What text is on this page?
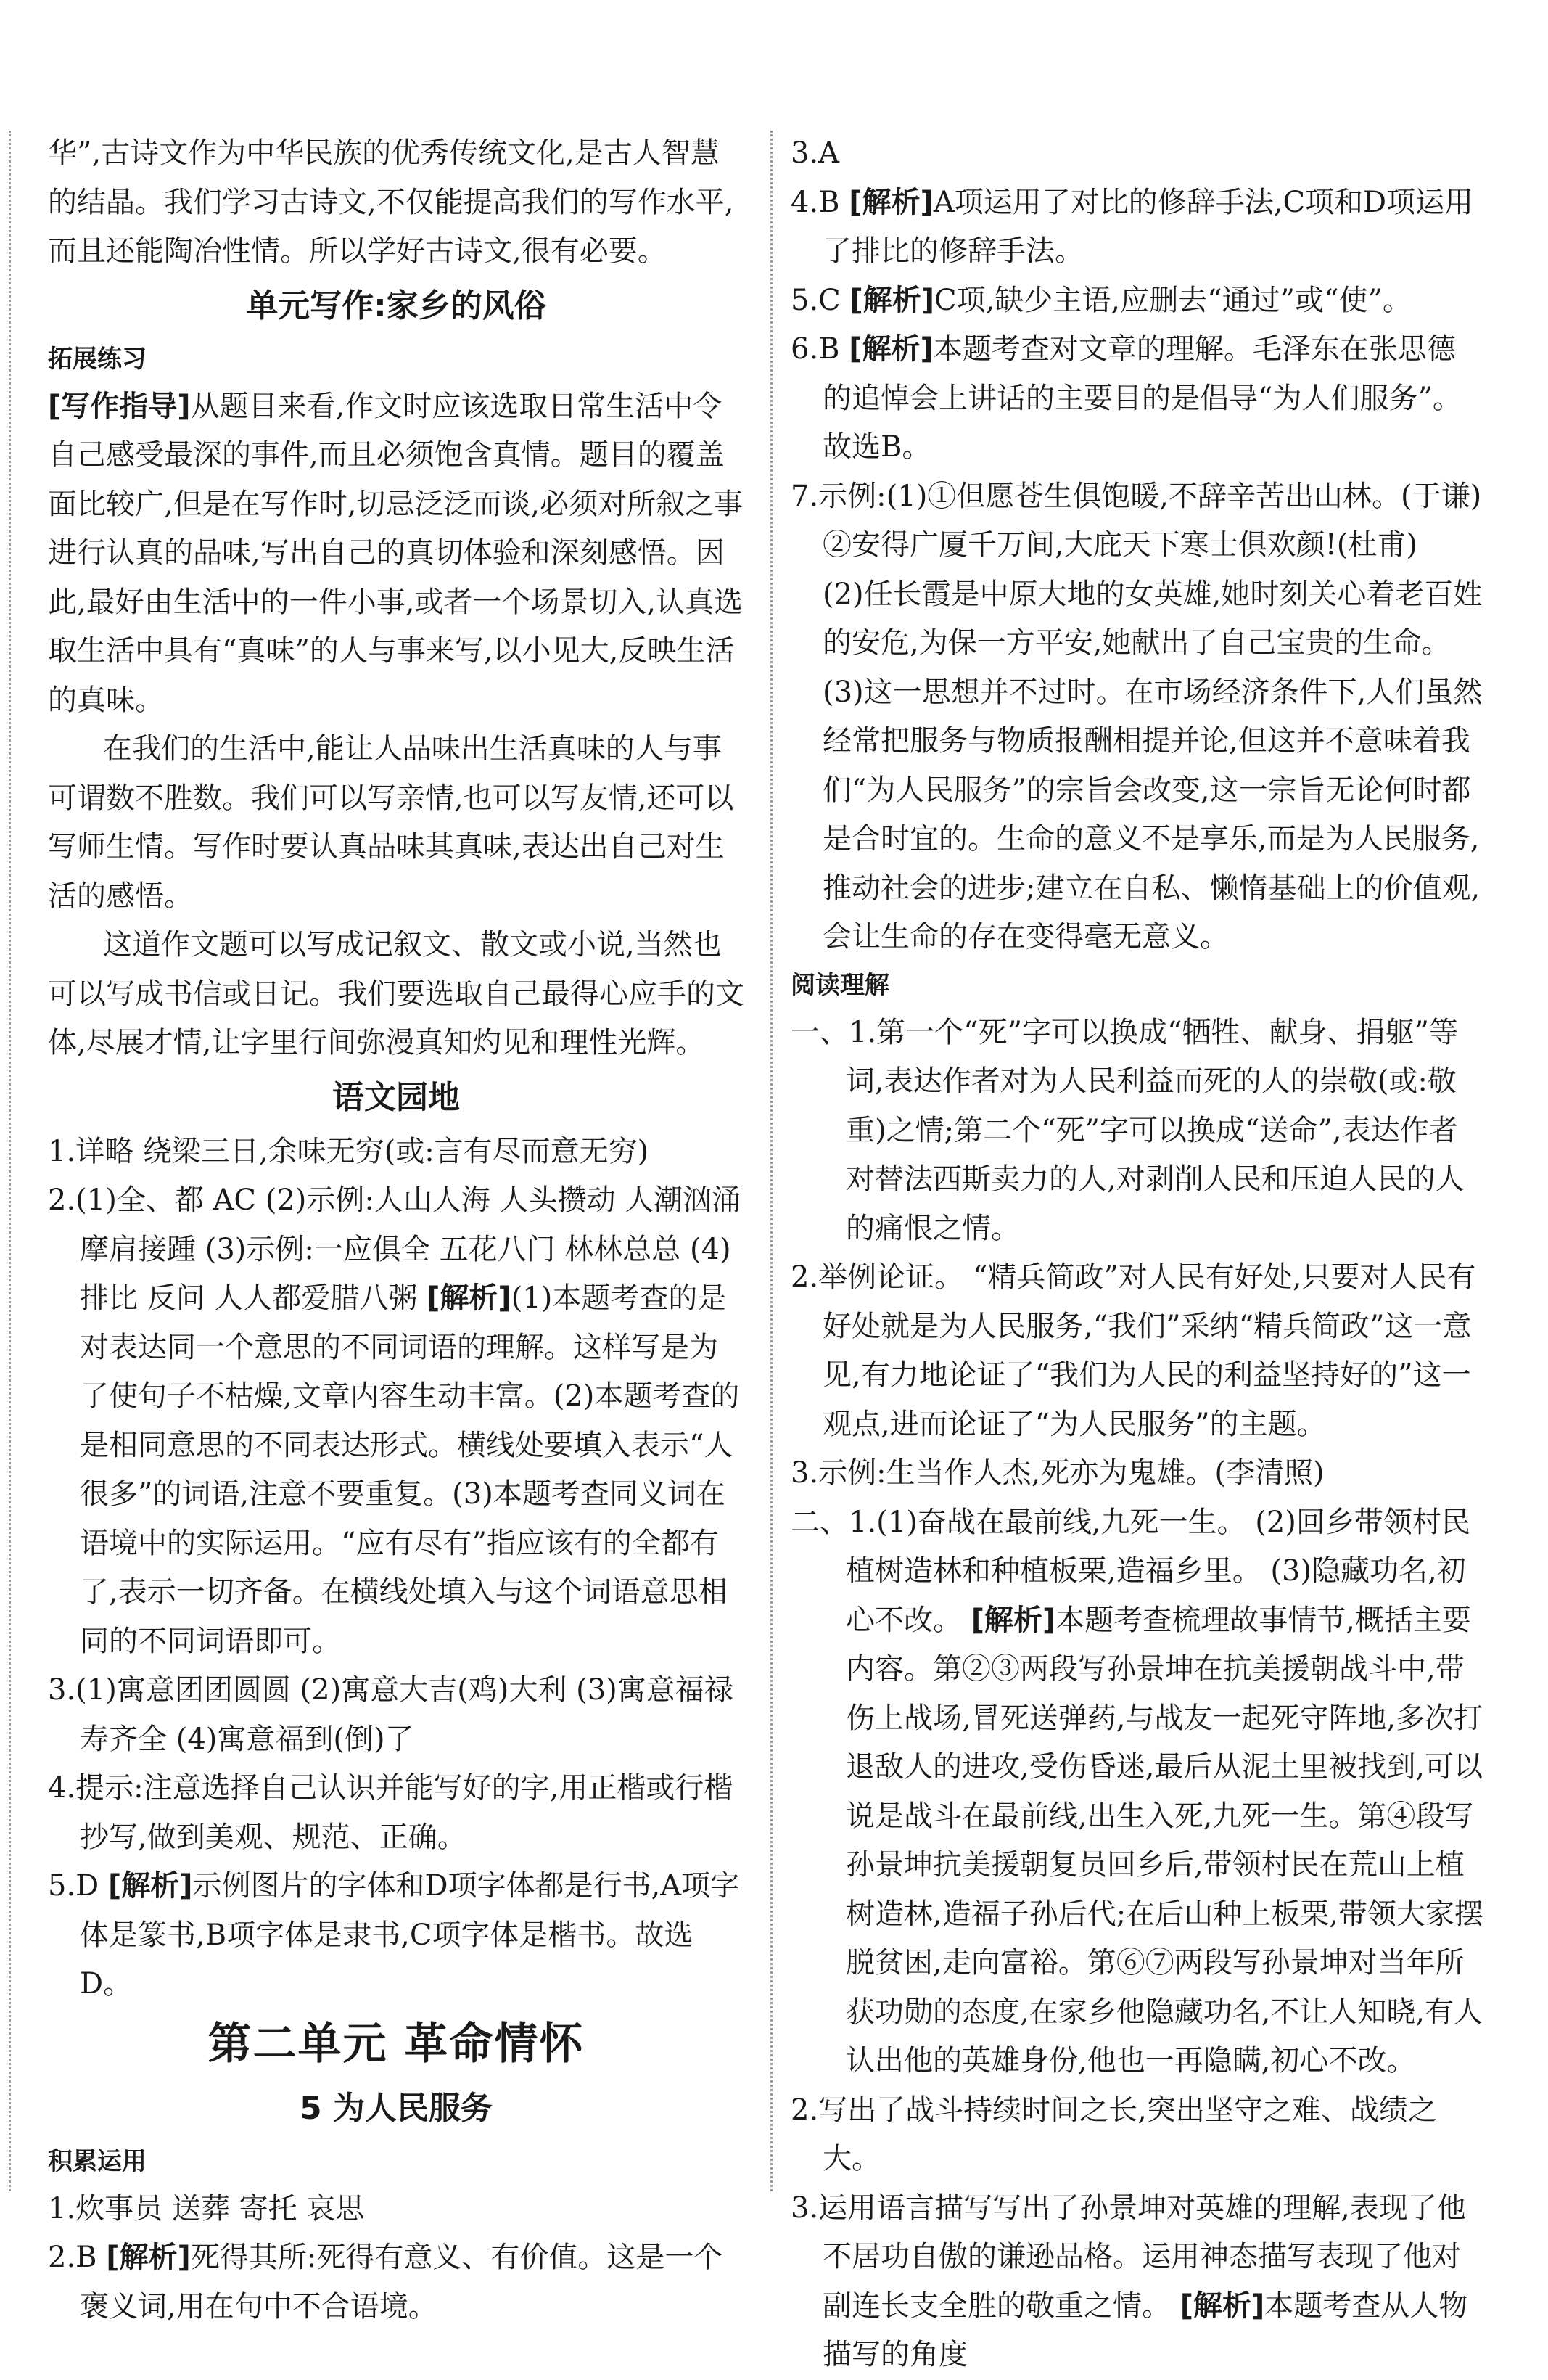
华”,古诗文作为中华民族的优秀传统文化,是古人智慧的结晶。我们学习古诗文,不仅能提高我们的写作水平,而且还能陶冶性情。所以学好古诗文,很有必要。

单元写作:家乡的风俗
拓展练习

[写作指导]从题目来看,作文时应该选取日常生活中令自己感受最深的事件,而且必须饱含真情。题目的覆盖面比较广,但是在写作时,切忌泛泛而谈,必须对所叙之事进行认真的品味,写出自己的真切体验和深刻感悟。因此,最好由生活中的一件小事,或者一个场景切入,认真选取生活中具有“真味”的人与事来写,以小见大,反映生活的真味。

在我们的生活中,能让人品味出生活真味的人与事可谓数不胜数。我们可以写亲情,也可以写友情,还可以写师生情。写作时要认真品味其真味,表达出自己对生活的感悟。

这道作文题可以写成记叙文、散文或小说,当然也可以写成书信或日记。我们要选取自己最得心应手的文体,尽展才情,让字里行间弥漫真知灼见和理性光辉。

语文园地

1.详略 绕梁三日,余味无穷(或:言有尽而意无穷)

2.(1)全、都 AC (2)示例:人山人海 人头攒动 人潮汹涌 摩肩接踵 (3)示例:一应俱全 五花八门 林林总总 (4)排比 反问 人人都爱腊八粥 [解析](1)本题考查的是对表达同一个意思的不同词语的理解。这样写是为了使句子不枯燥,文章内容生动丰富。(2)本题考查的是相同意思的不同表达形式。横线处要填入表示“人很多”的词语,注意不要重复。(3)本题考查同义词在语境中的实际运用。“应有尽有”指应该有的全都有了,表示一切齐备。在横线处填入与这个词语意思相同的不同词语即可。

3.(1)寓意团团圆圆 (2)寓意大吉(鸡)大利 (3)寓意福禄寿齐全 (4)寓意福到(倒)了

4.提示:注意选择自己认识并能写好的字,用正楷或行楷抄写,做到美观、规范、正确。

5.D [解析]示例图片的字体和D项字体都是行书,A项字体是篆书,B项字体是隶书,C项字体是楷书。故选D。

第二单元 革命情怀
5 为人民服务
积累运用

1.炊事员 送葬 寄托 哀思

2.B [解析]死得其所:死得有意义、有价值。这是一个褒义词,用在句中不合语境。

3.A

4.B [解析]A项运用了对比的修辞手法,C项和D项运用了排比的修辞手法。

5.C [解析]C项,缺少主语,应删去“通过”或“使”。

6.B [解析]本题考查对文章的理解。毛泽东在张思德的追悼会上讲话的主要目的是倡导“为人们服务”。故选B。

7.示例:(1)①但愿苍生俱饱暖,不辞辛苦出山林。(于谦)

②安得广厦千万间,大庇天下寒士俱欢颜!(杜甫)

(2)任长霞是中原大地的女英雄,她时刻关心着老百姓的安危,为保一方平安,她献出了自己宝贵的生命。 (3)这一思想并不过时。在市场经济条件下,人们虽然经常把服务与物质报酬相提并论,但这并不意味着我们“为人民服务”的宗旨会改变,这一宗旨无论何时都是合时宜的。生命的意义不是享乐,而是为人民服务,推动社会的进步;建立在自私、懒惰基础上的价值观,会让生命的存在变得毫无意义。

阅读理解

一、1.第一个“死”字可以换成“牺牲、献身、捐躯”等词,表达作者对为人民利益而死的人的崇敬(或:敬重)之情;第二个“死”字可以换成“送命”,表达作者对替法西斯卖力的人,对剥削人民和压迫人民的人的痛恨之情。

2.举例论证。 “精兵简政”对人民有好处,只要对人民有好处就是为人民服务,“我们”采纳“精兵简政”这一意见,有力地论证了“我们为人民的利益坚持好的”这一观点,进而论证了“为人民服务”的主题。

3.示例:生当作人杰,死亦为鬼雄。(李清照)

二、1.(1)奋战在最前线,九死一生。 (2)回乡带领村民植树造林和种植板栗,造福乡里。 (3)隐藏功名,初心不改。 [解析]本题考查梳理故事情节,概括主要内容。第②③两段写孙景坤在抗美援朝战斗中,带伤上战场,冒死送弹药,与战友一起死守阵地,多次打退敌人的进攻,受伤昏迷,最后从泥土里被找到,可以说是战斗在最前线,出生入死,九死一生。第④段写孙景坤抗美援朝复员回乡后,带领村民在荒山上植树造林,造福子孙后代;在后山种上板栗,带领大家摆脱贫困,走向富裕。第⑥⑦两段写孙景坤对当年所获功勋的态度,在家乡他隐藏功名,不让人知晓,有人认出他的英雄身份,他也一再隐瞒,初心不改。

2.写出了战斗持续时间之长,突出坚守之难、战绩之大。

3.运用语言描写写出了孙景坤对英雄的理解,表现了他不居功自傲的谦逊品格。运用神态描写表现了他对副连长支全胜的敬重之情。 [解析]本题考查从人物描写的角度
